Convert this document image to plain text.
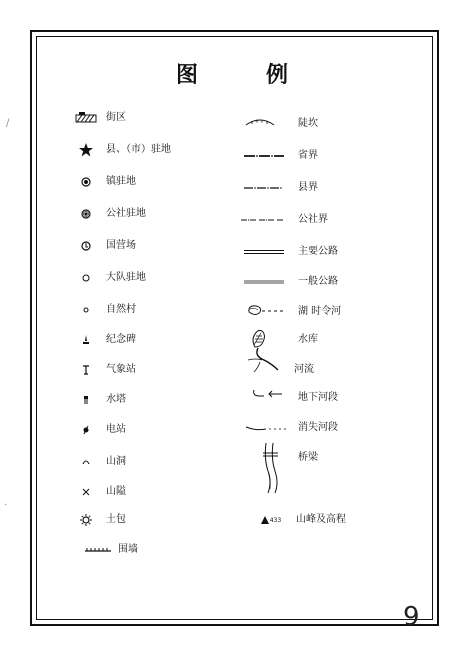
图	例
街区
县、（市）驻地
镇驻地
公社驻地
国营场
大队驻地
自然村
纪念碑
气象站
水塔
电站
山洞
山隘
土包
围墙
陡坎
省界
县界
公社界
主要公路
一般公路
湖 时令河
水库
河流
地下河段
消失河段
桥梁
433 山峰及高程
/
·
9
